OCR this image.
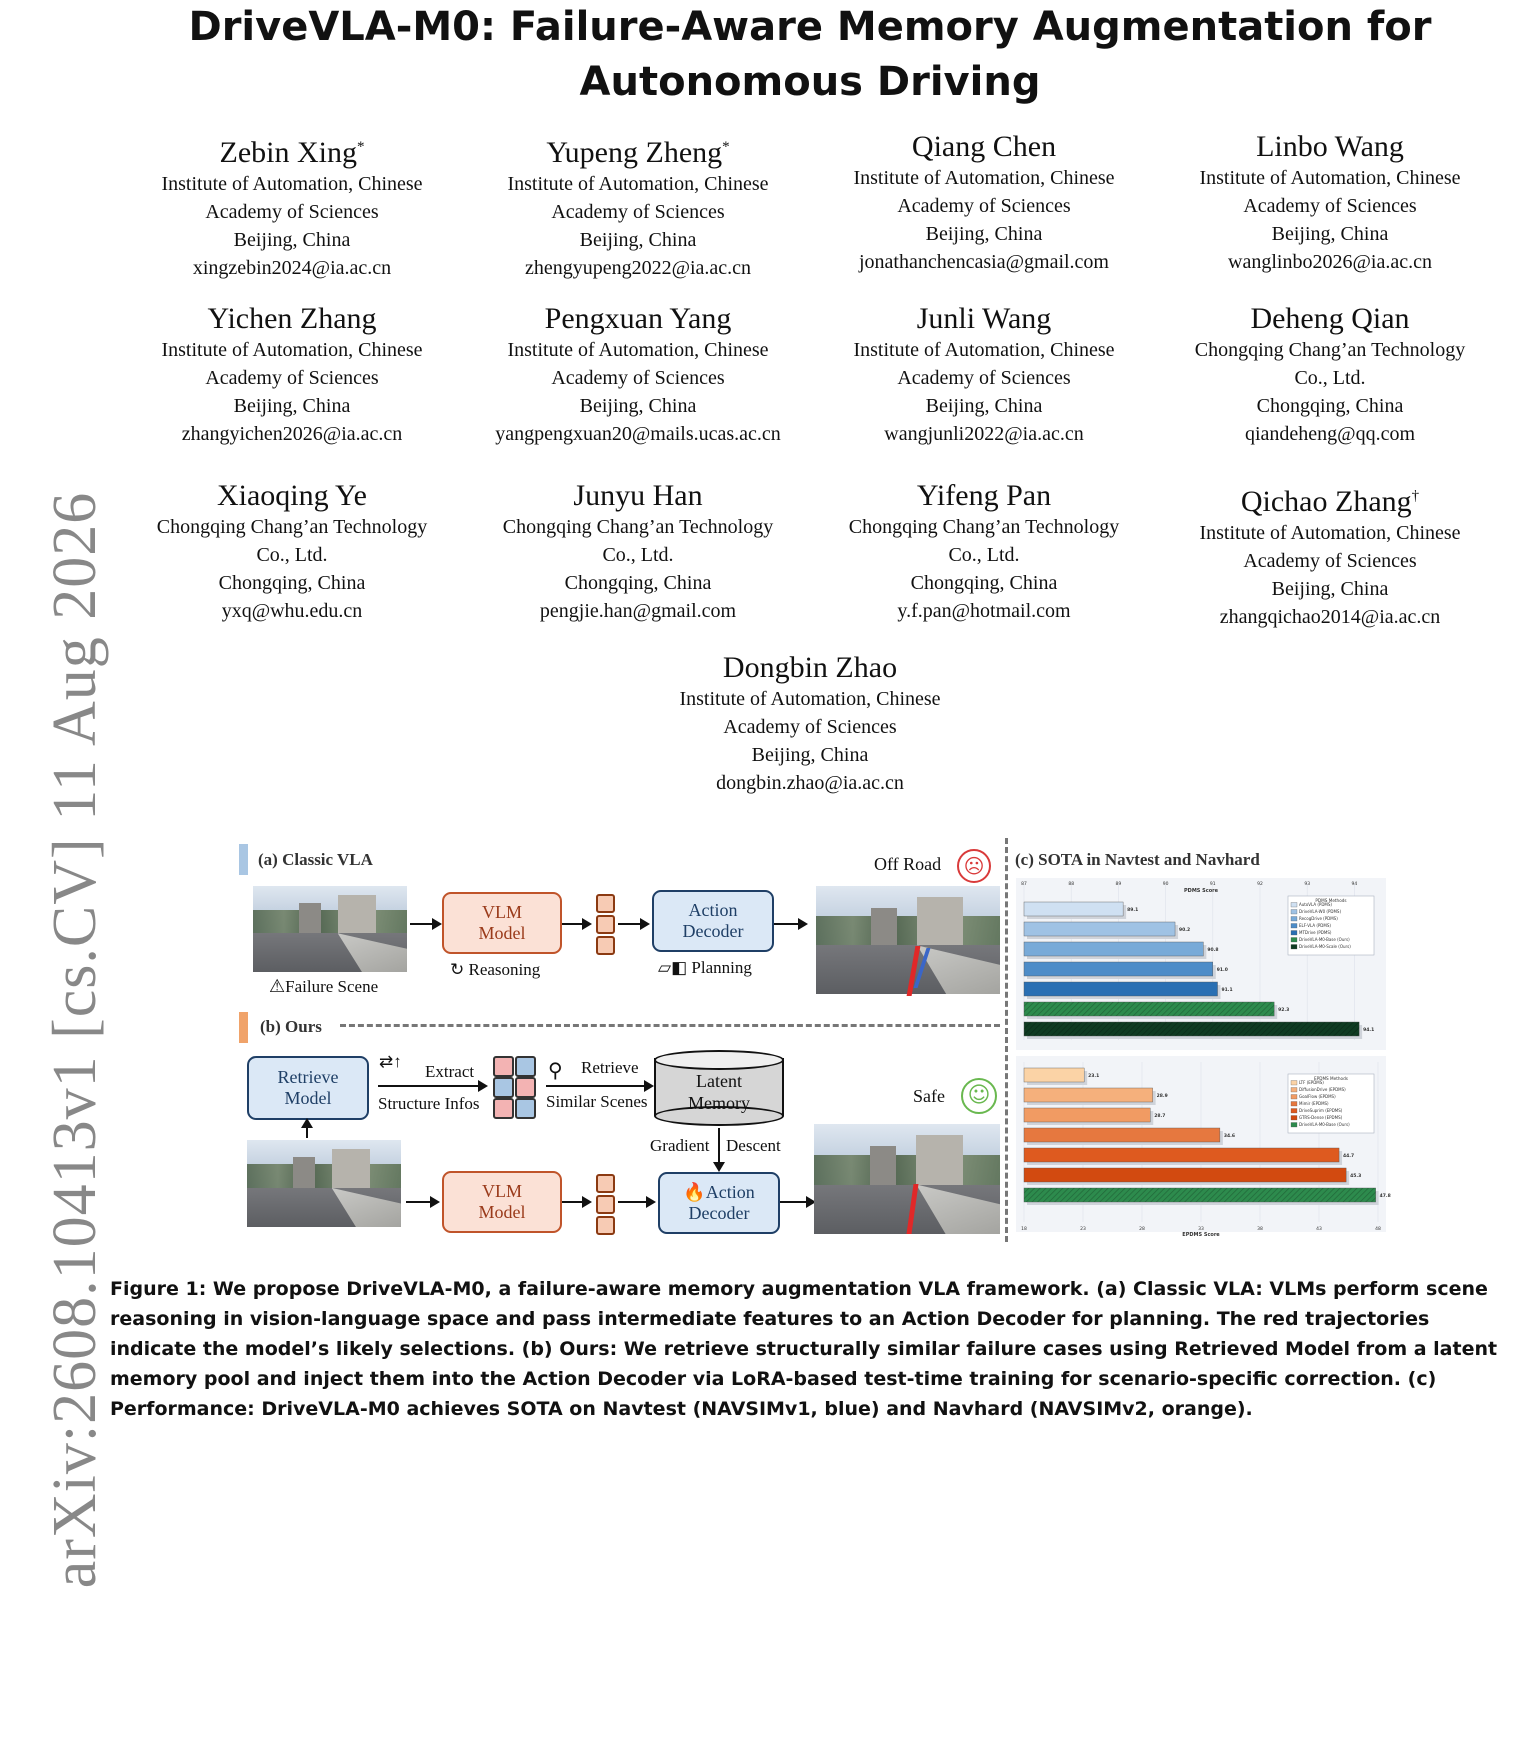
arXiv:2608.10413v1 [cs.CV] 11 Aug 2026
DriveVLA-M0: Failure-Aware Memory Augmentation for Autonomous Driving
Zebin Xing*
Institute of Automation, Chinese
Academy of Sciences
Beijing, China
xingzebin2024@ia.ac.cn
Yupeng Zheng*
Institute of Automation, Chinese
Academy of Sciences
Beijing, China
zhengyupeng2022@ia.ac.cn
Qiang Chen
Institute of Automation, Chinese
Academy of Sciences
Beijing, China
jonathanchencasia@gmail.com
Linbo Wang
Institute of Automation, Chinese
Academy of Sciences
Beijing, China
wanglinbo2026@ia.ac.cn
Yichen Zhang
Institute of Automation, Chinese
Academy of Sciences
Beijing, China
zhangyichen2026@ia.ac.cn
Pengxuan Yang
Institute of Automation, Chinese
Academy of Sciences
Beijing, China
yangpengxuan20@mails.ucas.ac.cn
Junli Wang
Institute of Automation, Chinese
Academy of Sciences
Beijing, China
wangjunli2022@ia.ac.cn
Deheng Qian
Chongqing Chang’an Technology
Co., Ltd.
Chongqing, China
qiandeheng@qq.com
Xiaoqing Ye
Chongqing Chang’an Technology
Co., Ltd.
Chongqing, China
yxq@whu.edu.cn
Junyu Han
Chongqing Chang’an Technology
Co., Ltd.
Chongqing, China
pengjie.han@gmail.com
Yifeng Pan
Chongqing Chang’an Technology
Co., Ltd.
Chongqing, China
y.f.pan@hotmail.com
Qichao Zhang†
Institute of Automation, Chinese
Academy of Sciences
Beijing, China
zhangqichao2014@ia.ac.cn
Dongbin Zhao
Institute of Automation, Chinese
Academy of Sciences
Beijing, China
dongbin.zhao@ia.ac.cn
(a) Classic VLA
⚠Failure Scene
VLM
Model
↻ Reasoning
Action
Decoder
▱◧ Planning
Off Road	☹
(b) Ours
Retrieve
Model
⇄↑
Extract
Structure Infos
⚲ Retrieve
Similar Scenes
Latent
Memory
Gradient Descent
VLM
Model
🔥Action
Decoder
Safe ☺
(c) SOTA in Navtest and Navhard
87	88	89	90	91	92	93	94
PDMS Score
89.1
90.2
90.8
91.0
91.1
92.3
94.1
PDMS Methods
AutoVLA (PDMS)
DriveVLA-W0 (PDMS)
RecogDrive (PDMS)
ELF-VLA (PDMS)
MTDrive (PDMS)
DriveVLA-M0-Base (Ours)
DriveVLA-M0-Scale (Ours)
18	23	28	33	38	43	48
EPDMS Score
23.1
28.9
28.7
34.6
44.7
45.3
47.8
EPDMS Methods
LTF (EPDMS)
DiffusionDrive (EPDMS)
GoalFlow (EPDMS)
Mimir (EPDMS)
DriveSuprim (EPDMS)
GTRS-Dense (EPDMS)
DriveVLA-M0-Base (Ours)
Figure 1: We propose DriveVLA-M0, a failure-aware memory augmentation VLA framework. (a) Classic VLA: VLMs perform scene reasoning in vision-language space and pass intermediate features to an Action Decoder for planning. The red trajectories indicate the model’s likely selections. (b) Ours: We retrieve structurally similar failure cases using Retrieved Model from a latent memory pool and inject them into the Action Decoder via LoRA-based test-time training for scenario-specific correction. (c) Performance: DriveVLA-M0 achieves SOTA on Navtest (NAVSIMv1, blue) and Navhard (NAVSIMv2, orange).
